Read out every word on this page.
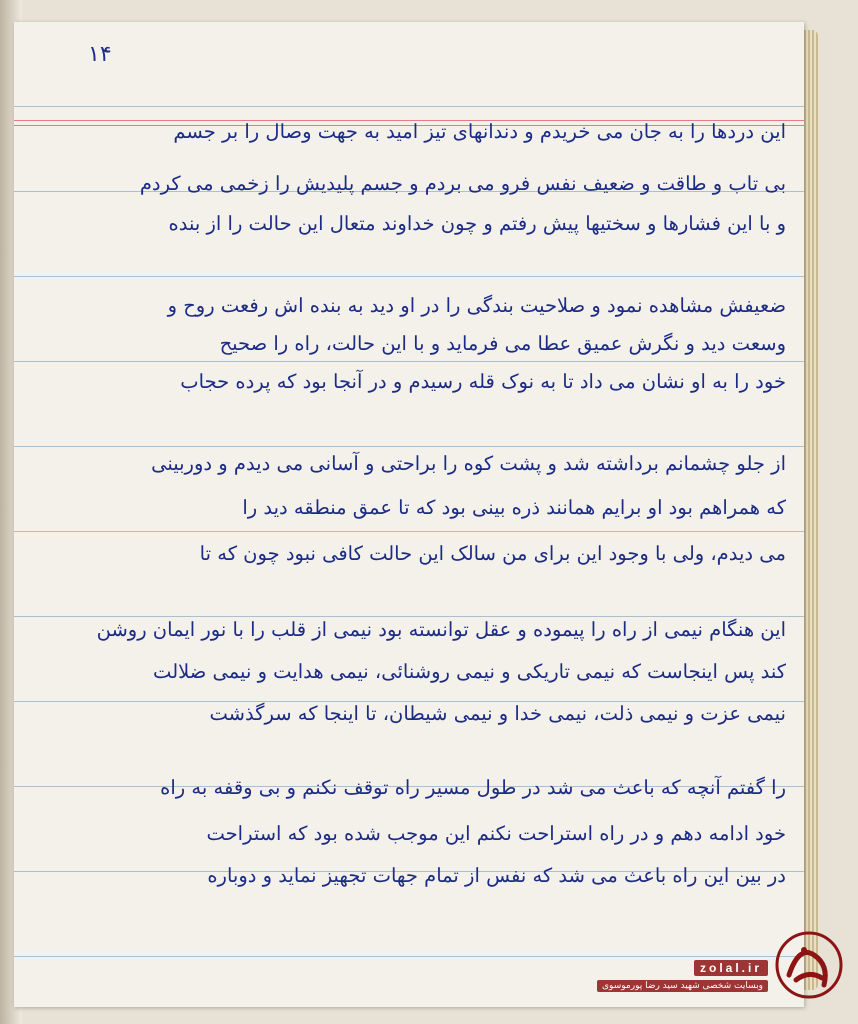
۱۴
این دردها را به جان می خریدم و دندانهای تیز امید به جهت وصال را بر جسم
بی تاب و طاقت و ضعیف نفس فرو می بردم و جسم پلیدیش را زخمی می کردم
و با این فشارها و سختیها پیش رفتم و چون خداوند متعال این حالت را از بنده
ضعیفش مشاهده نمود و صلاحیت بندگی را در او دید به بنده اش رفعت روح و
وسعت دید و نگرش عمیق عطا می فرماید و با این حالت، راه را صحیح
خود را به او نشان می داد تا به نوک قله رسیدم و در آنجا بود که پرده حجاب
از جلو چشمانم برداشته شد و پشت کوه را براحتی و آسانی می دیدم و دوربینی
که همراهم بود او برایم همانند ذره بینی بود که تا عمق منطقه دید را
می دیدم، ولی با وجود این برای من سالک این حالت کافی نبود چون که تا
این هنگام نیمی از راه را پیموده و عقل توانسته بود نیمی از قلب را با نور ایمان روشن
کند پس اینجاست که نیمی تاریکی و نیمی روشنائی، نیمی هدایت و نیمی ضلالت
نیمی عزت و نیمی ذلت، نیمی خدا و نیمی شیطان، تا اینجا که سرگذشت
را گفتم آنچه که باعث می شد در طول مسیر راه توقف نکنم و بی وقفه به راه
خود ادامه دهم و در راه استراحت نکنم این موجب شده بود که استراحت
در بین این راه باعث می شد که نفس از تمام جهات تجهیز نماید و دوباره
zolal.ir
وبسایت شخصی شهید سید رضا پورموسوی
